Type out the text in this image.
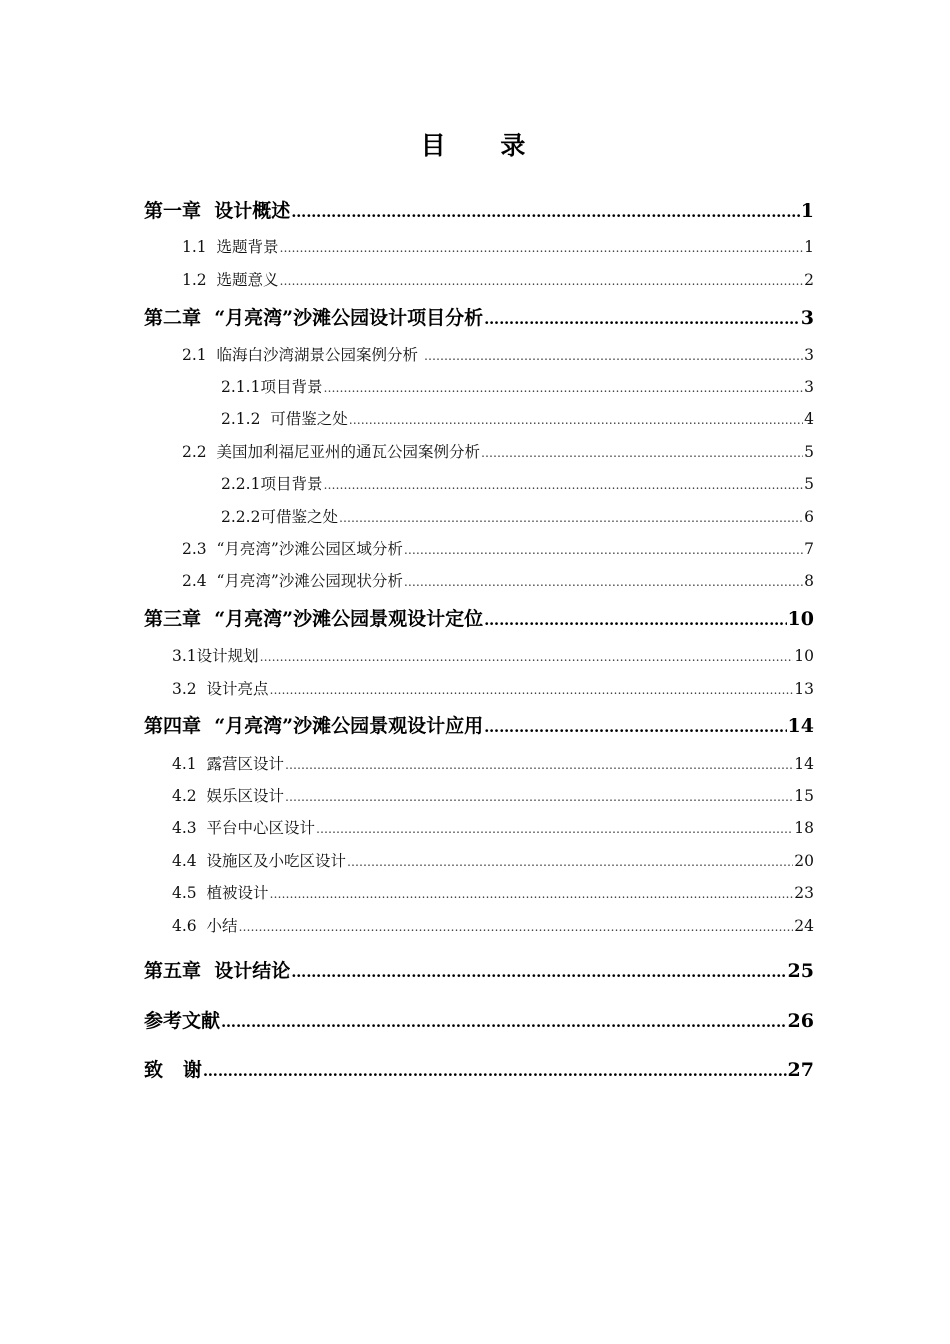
目    录
第一章  设计概述 ………………………………………………………………………………………………………………………………………………………………………………………………………………………………………………………………………………	1
1.1  选题背景 ………………………………………………………………………………………………………………………………………………………………………………………………………………………………………………………………………………	1
1.2  选题意义 ………………………………………………………………………………………………………………………………………………………………………………………………………………………………………………………………………………	2
第二章  “月亮湾”沙滩公园设计项目分析 ………………………………………………………………………………………………………………………………………………………………………………………………………………………………………………………………………………	3
2.1  临海白沙湾湖景公园案例分析 ………………………………………………………………………………………………………………………………………………………………………………………………………………………………………………………………………………	3
2.1.1项目背景 ………………………………………………………………………………………………………………………………………………………………………………………………………………………………………………………………………………	3
2.1.2  可借鉴之处 ………………………………………………………………………………………………………………………………………………………………………………………………………………………………………………………………………………	4
2.2  美国加利福尼亚州的通瓦公园案例分析 ………………………………………………………………………………………………………………………………………………………………………………………………………………………………………………………………………………	5
2.2.1项目背景 ………………………………………………………………………………………………………………………………………………………………………………………………………………………………………………………………………………	5
2.2.2可借鉴之处 ………………………………………………………………………………………………………………………………………………………………………………………………………………………………………………………………………………	6
2.3  “月亮湾”沙滩公园区域分析 ………………………………………………………………………………………………………………………………………………………………………………………………………………………………………………………………………………	7
2.4  “月亮湾”沙滩公园现状分析 ………………………………………………………………………………………………………………………………………………………………………………………………………………………………………………………………………………	8
第三章  “月亮湾”沙滩公园景观设计定位 ………………………………………………………………………………………………………………………………………………………………………………………………………………………………………………………………………………	10
3.1设计规划 ………………………………………………………………………………………………………………………………………………………………………………………………………………………………………………………………………………	10
3.2  设计亮点 ………………………………………………………………………………………………………………………………………………………………………………………………………………………………………………………………………………	13
第四章  “月亮湾”沙滩公园景观设计应用 ………………………………………………………………………………………………………………………………………………………………………………………………………………………………………………………………………………	14
4.1  露营区设计 ………………………………………………………………………………………………………………………………………………………………………………………………………………………………………………………………………………	14
4.2  娱乐区设计 ………………………………………………………………………………………………………………………………………………………………………………………………………………………………………………………………………………	15
4.3  平台中心区设计 ………………………………………………………………………………………………………………………………………………………………………………………………………………………………………………………………………………	18
4.4  设施区及小吃区设计 ………………………………………………………………………………………………………………………………………………………………………………………………………………………………………………………………………………	20
4.5  植被设计 ………………………………………………………………………………………………………………………………………………………………………………………………………………………………………………………………………………	23
4.6  小结 ………………………………………………………………………………………………………………………………………………………………………………………………………………………………………………………………………………	24
第五章  设计结论 ………………………………………………………………………………………………………………………………………………………………………………………………………………………………………………………………………………	25
参考文献 ………………………………………………………………………………………………………………………………………………………………………………………………………………………………………………………………………………	26
致   谢 ………………………………………………………………………………………………………………………………………………………………………………………………………………………………………………………………………………	27
